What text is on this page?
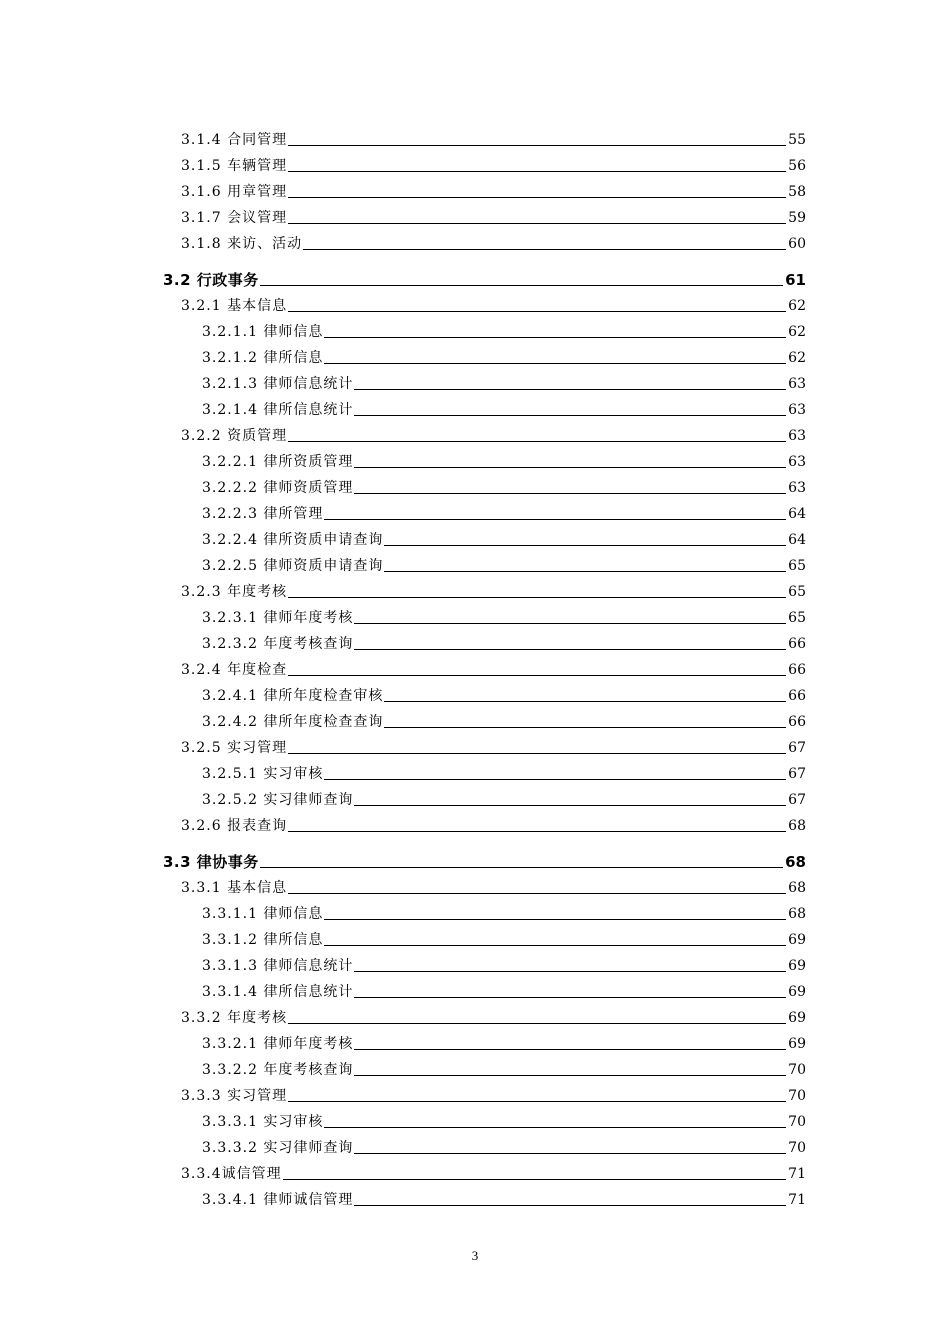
3.1.4 合同管理	55
3.1.5 车辆管理	56
3.1.6 用章管理	58
3.1.7 会议管理	59
3.1.8 来访、活动	60
3.2 行政事务	61
3.2.1 基本信息	62
3.2.1.1 律师信息	62
3.2.1.2 律所信息	62
3.2.1.3 律师信息统计	63
3.2.1.4 律所信息统计	63
3.2.2 资质管理	63
3.2.2.1 律所资质管理	63
3.2.2.2 律师资质管理	63
3.2.2.3 律所管理	64
3.2.2.4 律所资质申请查询	64
3.2.2.5 律师资质申请查询	65
3.2.3 年度考核	65
3.2.3.1 律师年度考核	65
3.2.3.2 年度考核查询	66
3.2.4 年度检查	66
3.2.4.1 律所年度检查审核	66
3.2.4.2 律所年度检查查询	66
3.2.5 实习管理	67
3.2.5.1 实习审核	67
3.2.5.2 实习律师查询	67
3.2.6 报表查询	68
3.3 律协事务	68
3.3.1 基本信息	68
3.3.1.1 律师信息	68
3.3.1.2 律所信息	69
3.3.1.3 律师信息统计	69
3.3.1.4 律所信息统计	69
3.3.2 年度考核	69
3.3.2.1 律师年度考核	69
3.3.2.2 年度考核查询	70
3.3.3 实习管理	70
3.3.3.1 实习审核	70
3.3.3.2 实习律师查询	70
3.3.4诚信管理	71
3.3.4.1 律师诚信管理	71
3
